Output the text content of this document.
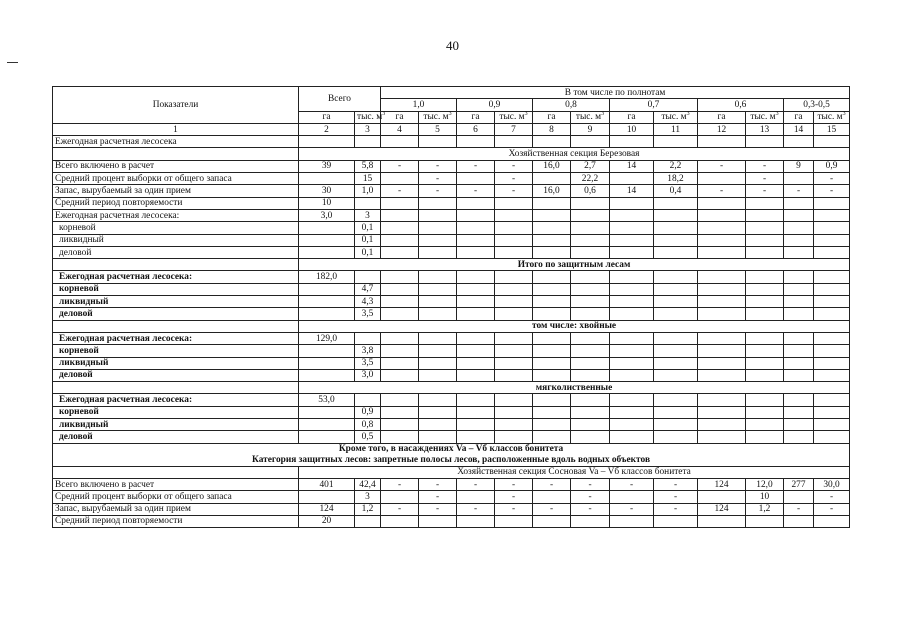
40
Показатели	Всего		В том числе по полнотам											
			1,0		0,9		0,8		0,7		0,6		0,3-0,5	
	га	тыс. $м^3$	га	тыс. $м^3$	га	тыс. $м^3$	га	тыс. $м^3$	га	тыс. $м^3$	га	тыс. $м^3$	га	тыс. $м^3$
1	2	3	4	5	6	7	8	9	10	11	12	13	14	15
Ежегодная расчетная лесосека														
	Хозяйственная секция Березовая													
Всего включено в расчет	39	5,8	-	-	-	-	16,0	2,7	14	2,2	-	-	9	0,9
Средний процент выборки от общего запаса		15		-		-		22,2		18,2		-		-
Запас, вырубаемый за один прием	30	1,0	-	-	-	-	16,0	0,6	14	0,4	-	-	-	-
Средний период повторяемости	10													
Ежегодная расчетная лесосека:	3,0	3												
корневой		0,1												
ликвидный		0,1												
деловой		0,1												
	Итого по защитным лесам													
Ежегодная расчетная лесосека:	182,0													
корневой		4,7												
ликвидный		4,3												
деловой		3,5												
	том числе: хвойные													
Ежегодная расчетная лесосека:	129,0													
корневой		3,8												
ликвидный		3,5												
деловой		3,0												
	мягколиственные													
Ежегодная расчетная лесосека:	53,0													
корневой		0,9												
ликвидный		0,8												
деловой		0,5												

Кроме того, в насаждениях Va – Vб классов бонитета
Категория защитных лесов: запретные полосы лесов, расположенные вдоль водных объектов														

	Хозяйственная секция Сосновая Va – Vб классов бонитета													
Всего включено в расчет	401	42,4	-	-	-	-	-	-	-	-	124	12,0	277	30,0
Средний процент выборки от общего запаса		3		-		-		-		-		10		-
Запас, вырубаемый за один прием	124	1,2	-	-	-	-	-	-	-	-	124	1,2	-	-
Средний период повторяемости	20													
